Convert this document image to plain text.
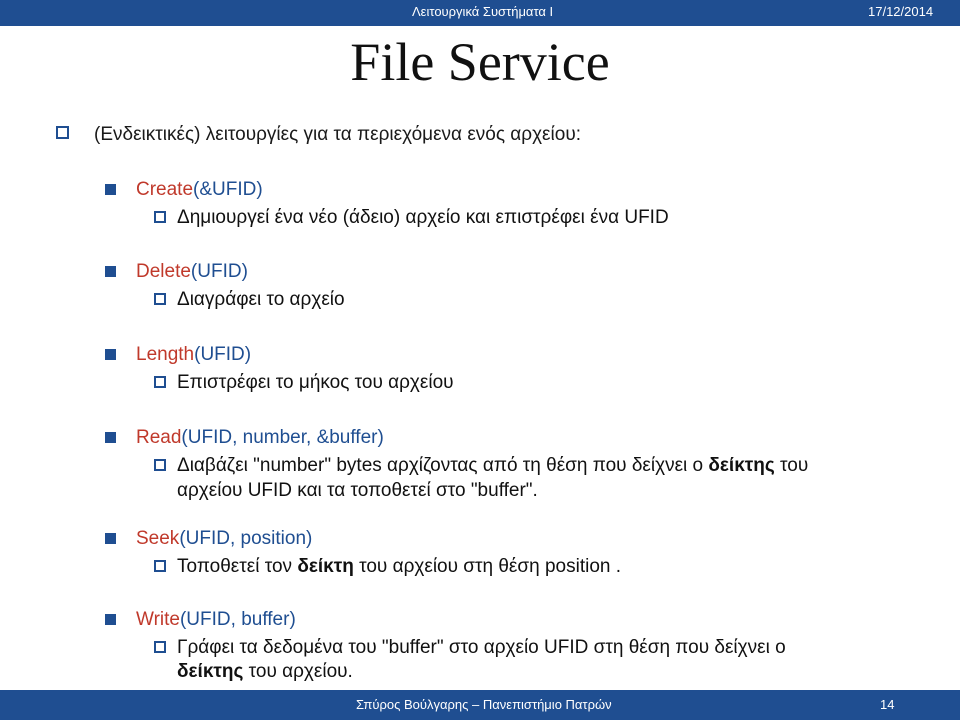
Λειτουργικά Συστήματα Ι	17/12/2014
File Service
(Ενδεικτικές) λειτουργίες για τα περιεχόμενα ενός αρχείου:
Create(&UFID)
Δημιουργεί ένα νέο (άδειο) αρχείο και επιστρέφει ένα UFID
Delete(UFID)
Διαγράφει το αρχείο
Length(UFID)
Επιστρέφει το μήκος του αρχείου
Read(UFID, number, &buffer)
Διαβάζει "number" bytes αρχίζοντας από τη θέση που δείχνει ο δείκτης του
αρχείου UFID και τα τοποθετεί στο "buffer".
Seek(UFID, position)
Τοποθετεί τον δείκτη του αρχείου στη θέση position .
Write(UFID, buffer)
Γράφει τα δεδομένα του "buffer" στο αρχείο UFID στη θέση που δείχνει ο
δείκτης του αρχείου.
Σπύρος Βούλγαρης – Πανεπιστήμιο Πατρών	14
